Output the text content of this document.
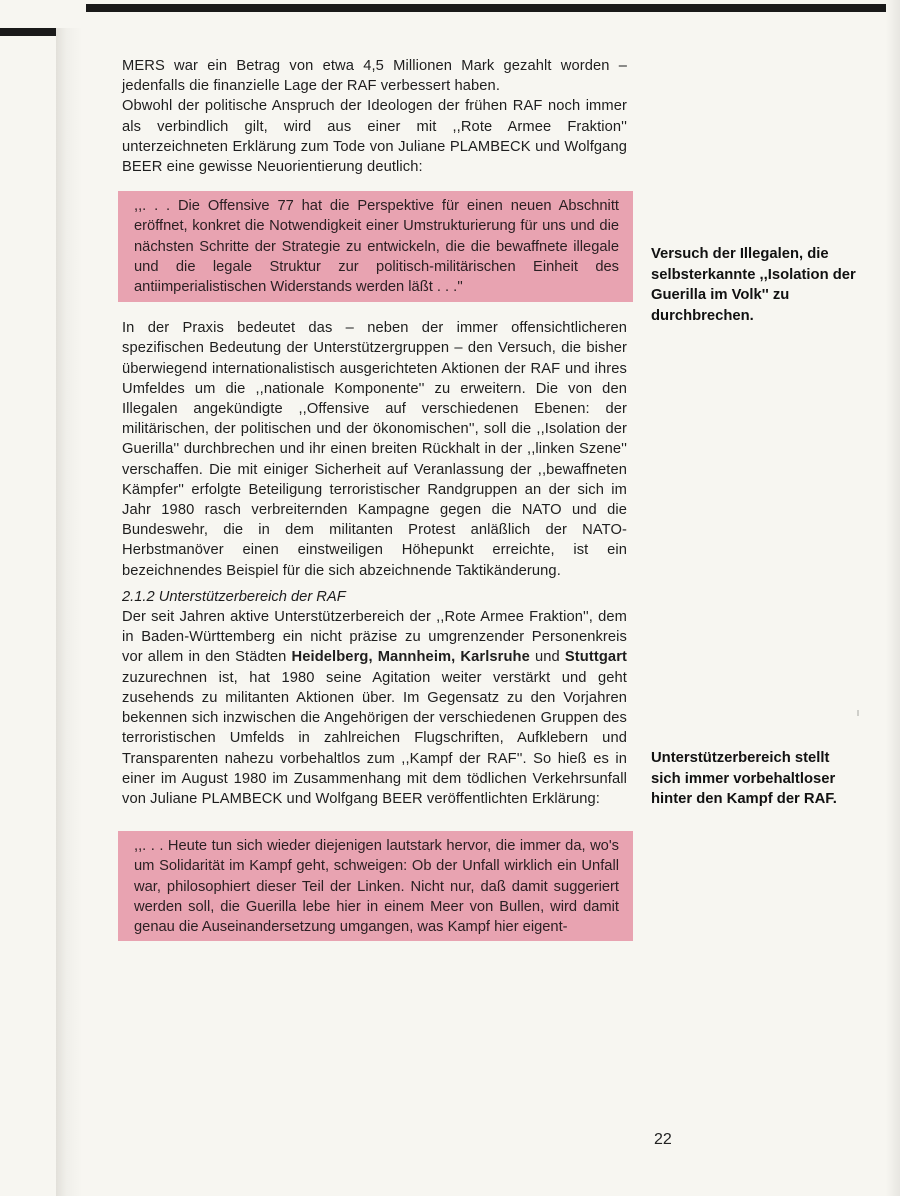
MERS war ein Betrag von etwa 4,5 Millionen Mark gezahlt worden – jedenfalls die finanzielle Lage der RAF verbessert haben.

Obwohl der politische Anspruch der Ideologen der frühen RAF noch immer als verbindlich gilt, wird aus einer mit ,,Rote Armee Fraktion'' unterzeichneten Erklärung zum Tode von Juliane PLAMBECK und Wolfgang BEER eine gewisse Neuorientierung deutlich:

,,. . . Die Offensive 77 hat die Perspektive für einen neuen Abschnitt eröffnet, konkret die Notwendigkeit einer Umstrukturierung für uns und die nächsten Schritte der Strategie zu entwickeln, die die bewaffnete illegale und die legale Struktur zur politisch-militärischen Einheit des antiimperialistischen Widerstands werden läßt . . .''

In der Praxis bedeutet das – neben der immer offensichtlicheren spezifischen Bedeutung der Unterstützergruppen – den Versuch, die bisher überwiegend internationalistisch ausgerichteten Aktionen der RAF und ihres Umfeldes um die ,,nationale Komponente'' zu erweitern. Die von den Illegalen angekündigte ,,Offensive auf verschiedenen Ebenen: der militärischen, der politischen und der ökonomischen'', soll die ,,Isolation der Guerilla'' durchbrechen und ihr einen breiten Rückhalt in der ,,linken Szene'' verschaffen. Die mit einiger Sicherheit auf Veranlassung der ,,bewaffneten Kämpfer'' erfolgte Beteiligung terroristischer Randgruppen an der sich im Jahr 1980 rasch verbreiternden Kampagne gegen die NATO und die Bundeswehr, die in dem militanten Protest anläßlich der NATO-Herbstmanöver einen einstweiligen Höhepunkt erreichte, ist ein bezeichnendes Beispiel für die sich abzeichnende Taktikänderung.

2.1.2 Unterstützerbereich der RAF

Der seit Jahren aktive Unterstützerbereich der ,,Rote Armee Fraktion'', dem in Baden-Württemberg ein nicht präzise zu umgrenzender Personenkreis vor allem in den Städten Heidelberg, Mannheim, Karlsruhe und Stuttgart zuzurechnen ist, hat 1980 seine Agitation weiter verstärkt und geht zusehends zu militanten Aktionen über. Im Gegensatz zu den Vorjahren bekennen sich inzwischen die Angehörigen der verschiedenen Gruppen des terroristischen Umfelds in zahlreichen Flugschriften, Aufklebern und Transparenten nahezu vorbehaltlos zum ,,Kampf der RAF''. So hieß es in einer im August 1980 im Zusammenhang mit dem tödlichen Verkehrsunfall von Juliane PLAMBECK und Wolfgang BEER veröffentlichten Erklärung:

,,. . . Heute tun sich wieder diejenigen lautstark hervor, die immer da, wo's um Solidarität im Kampf geht, schweigen: Ob der Unfall wirklich ein Unfall war, philosophiert dieser Teil der Linken. Nicht nur, daß damit suggeriert werden soll, die Guerilla lebe hier in einem Meer von Bullen, wird damit genau die Auseinandersetzung umgangen, was Kampf hier eigent-
Versuch der Illegalen, die selbsterkannte ,,Isolation der Guerilla im Volk'' zu durchbrechen.
Unterstützerbereich stellt sich immer vorbehaltloser hinter den Kampf der RAF.
22
